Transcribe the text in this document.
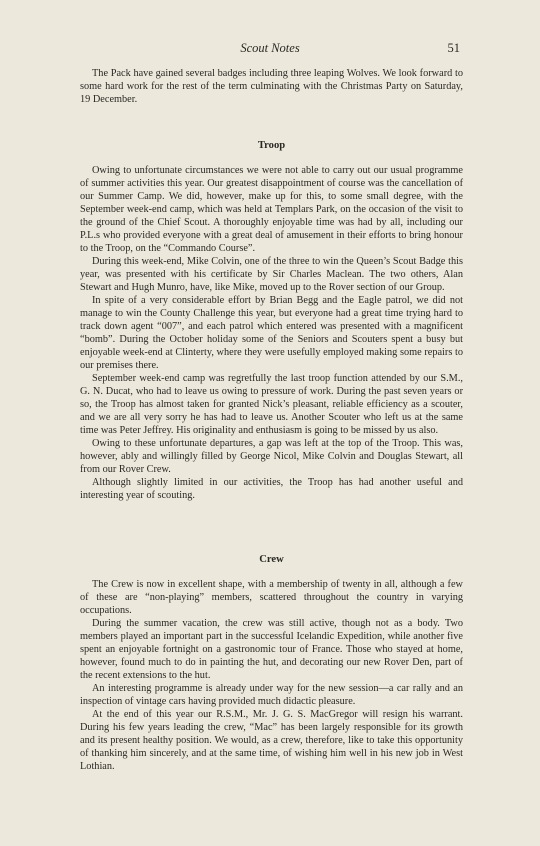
Scout Notes	51

The Pack have gained several badges including three leaping Wolves. We look forward to some hard work for the rest of the term culminating with the Christmas Party on Saturday, 19 December.

Troop

Owing to unfortunate circumstances we were not able to carry out our usual programme of summer activities this year. Our greatest disappointment of course was the cancellation of our Summer Camp. We did, however, make up for this, to some small degree, with the September week-end camp, which was held at Templars Park, on the occasion of the visit to the ground of the Chief Scout. A thoroughly enjoyable time was had by all, including our P.L.s who provided everyone with a great deal of amusement in their efforts to bring honour to the Troop, on the “Commando Course”.

During this week-end, Mike Colvin, one of the three to win the Queen’s Scout Badge this year, was presented with his certificate by Sir Charles Maclean. The two others, Alan Stewart and Hugh Munro, have, like Mike, moved up to the Rover section of our Group.

In spite of a very considerable effort by Brian Begg and the Eagle patrol, we did not manage to win the County Challenge this year, but everyone had a great time trying hard to track down agent “007”, and each patrol which entered was presented with a magnificent “bomb”. During the October holiday some of the Seniors and Scouters spent a busy but enjoyable week-end at Clinterty, where they were usefully employed making some repairs to our premises there.

September week-end camp was regretfully the last troop function attended by our S.M., G. N. Ducat, who had to leave us owing to pressure of work. During the past seven years or so, the Troop has almost taken for granted Nick’s pleasant, reliable efficiency as a scouter, and we are all very sorry he has had to leave us. Another Scouter who left us at the same time was Peter Jeffrey. His originality and enthusiasm is going to be missed by us also.

Owing to these unfortunate departures, a gap was left at the top of the Troop. This was, however, ably and willingly filled by George Nicol, Mike Colvin and Douglas Stewart, all from our Rover Crew.

Although slightly limited in our activities, the Troop has had another useful and interesting year of scouting.

Crew

The Crew is now in excellent shape, with a membership of twenty in all, although a few of these are “non-playing” members, scattered throughout the country in varying occupations.

During the summer vacation, the crew was still active, though not as a body. Two members played an important part in the successful Icelandic Expedition, while another five spent an enjoyable fortnight on a gastronomic tour of France. Those who stayed at home, however, found much to do in painting the hut, and decorating our new Rover Den, part of the recent extensions to the hut.

An interesting programme is already under way for the new session—a car rally and an inspection of vintage cars having provided much didactic pleasure.

At the end of this year our R.S.M., Mr. J. G. S. MacGregor will resign his warrant. During his few years leading the crew, “Mac” has been largely responsible for its growth and its present healthy position. We would, as a crew, therefore, like to take this opportunity of thanking him sincerely, and at the same time, of wishing him well in his new job in West Lothian.
